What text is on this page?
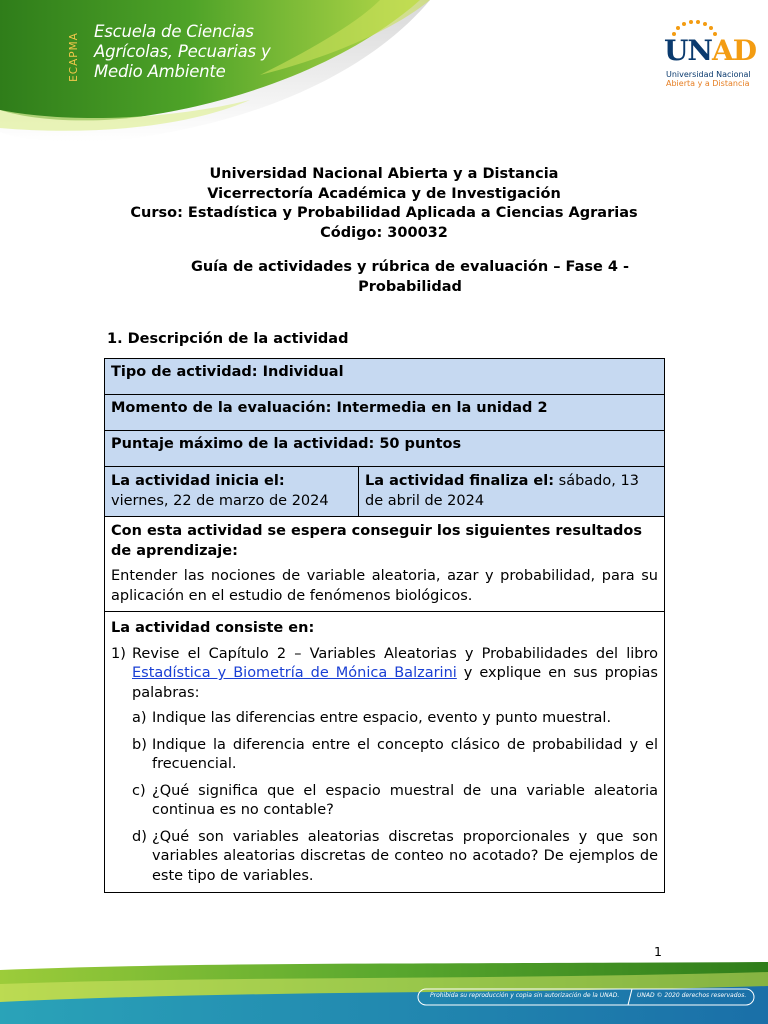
ECAPMA
Escuela de Ciencias
Agrícolas, Pecuarias y
Medio Ambiente
UNAD
Universidad Nacional
Abierta y a Distancia
Universidad Nacional Abierta y a Distancia
Vicerrectoría Académica y de Investigación
Curso: Estadística y Probabilidad Aplicada a Ciencias Agrarias
Código: 300032
Guía de actividades y rúbrica de evaluación – Fase 4 -
Probabilidad
1. Descripción de la actividad
Tipo de actividad: Individual
Momento de la evaluación: Intermedia en la unidad 2
Puntaje máximo de la actividad: 50 puntos

La actividad inicia el:

viernes, 22 de marzo de 2024

La actividad finaliza el: sábado, 13 de abril de 2024

Con esta actividad se espera conseguir los siguientes resultados de aprendizaje:

Entender las nociones de variable aleatoria, azar y probabilidad, para su aplicación en el estudio de fenómenos biológicos.

La actividad consiste en:

1) Revise el Capítulo 2 – Variables Aleatorias y Probabilidades del libro Estadística y Biometría de Mónica Balzarini y explique en sus propias palabras:
a) Indique las diferencias entre espacio, evento y punto muestral.
b) Indique la diferencia entre el concepto clásico de probabilidad y el frecuencial.
c) ¿Qué significa que el espacio muestral de una variable aleatoria continua es no contable?
d) ¿Qué son variables aleatorias discretas proporcionales y que son variables aleatorias discretas de conteo no acotado? De ejemplos de este tipo de variables.
1
Prohibida su reproducción y copia sin autorización de la UNAD.	UNAD © 2020 derechos reservados.
